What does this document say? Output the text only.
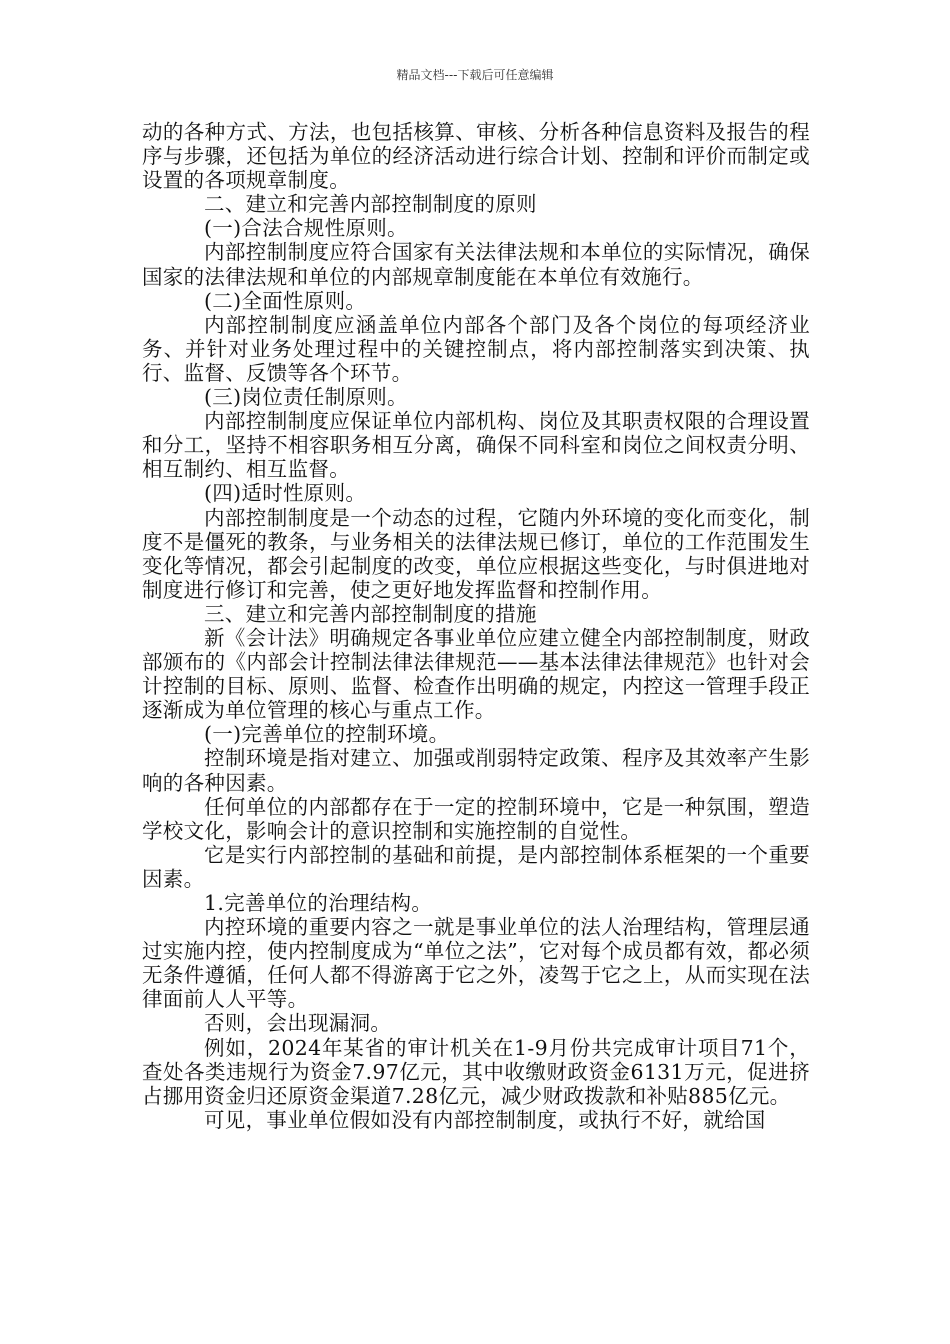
精品文档---下载后可任意编辑

动的各种方式、方法，也包括核算、审核、分析各种信息资料及报告的程序与步骤，还包括为单位的经济活动进行综合计划、控制和评价而制定或设置的各项规章制度。

二、建立和完善内部控制制度的原则

(一)合法合规性原则。

内部控制制度应符合国家有关法律法规和本单位的实际情况，确保国家的法律法规和单位的内部规章制度能在本单位有效施行。

(二)全面性原则。

内部控制制度应涵盖单位内部各个部门及各个岗位的每项经济业务、并针对业务处理过程中的关键控制点，将内部控制落实到决策、执行、监督、反馈等各个环节。

(三)岗位责任制原则。

内部控制制度应保证单位内部机构、岗位及其职责权限的合理设置和分工，坚持不相容职务相互分离，确保不同科室和岗位之间权责分明、相互制约、相互监督。

(四)适时性原则。

内部控制制度是一个动态的过程，它随内外环境的变化而变化，制度不是僵死的教条，与业务相关的法律法规已修订，单位的工作范围发生变化等情况，都会引起制度的改变，单位应根据这些变化，与时俱进地对制度进行修订和完善，使之更好地发挥监督和控制作用。

三、建立和完善内部控制制度的措施

新《会计法》明确规定各事业单位应建立健全内部控制制度，财政部颁布的《内部会计控制法律法律规范——基本法律法律规范》也针对会计控制的目标、原则、监督、检查作出明确的规定，内控这一管理手段正逐渐成为单位管理的核心与重点工作。

(一)完善单位的控制环境。

控制环境是指对建立、加强或削弱特定政策、程序及其效率产生影响的各种因素。

任何单位的内部都存在于一定的控制环境中，它是一种氛围，塑造学校文化，影响会计的意识控制和实施控制的自觉性。

它是实行内部控制的基础和前提，是内部控制体系框架的一个重要因素。

1.完善单位的治理结构。

内控环境的重要内容之一就是事业单位的法人治理结构，管理层通过实施内控，使内控制度成为“单位之法”，它对每个成员都有效，都必须无条件遵循，任何人都不得游离于它之外，凌驾于它之上，从而实现在法律面前人人平等。

否则，会出现漏洞。

例如，2024年某省的审计机关在1-9月份共完成审计项目71个，查处各类违规行为资金7.97亿元，其中收缴财政资金6131万元，促进挤占挪用资金归还原资金渠道7.28亿元，减少财政拨款和补贴885亿元。

可见，事业单位假如没有内部控制制度，或执行不好，就给国
